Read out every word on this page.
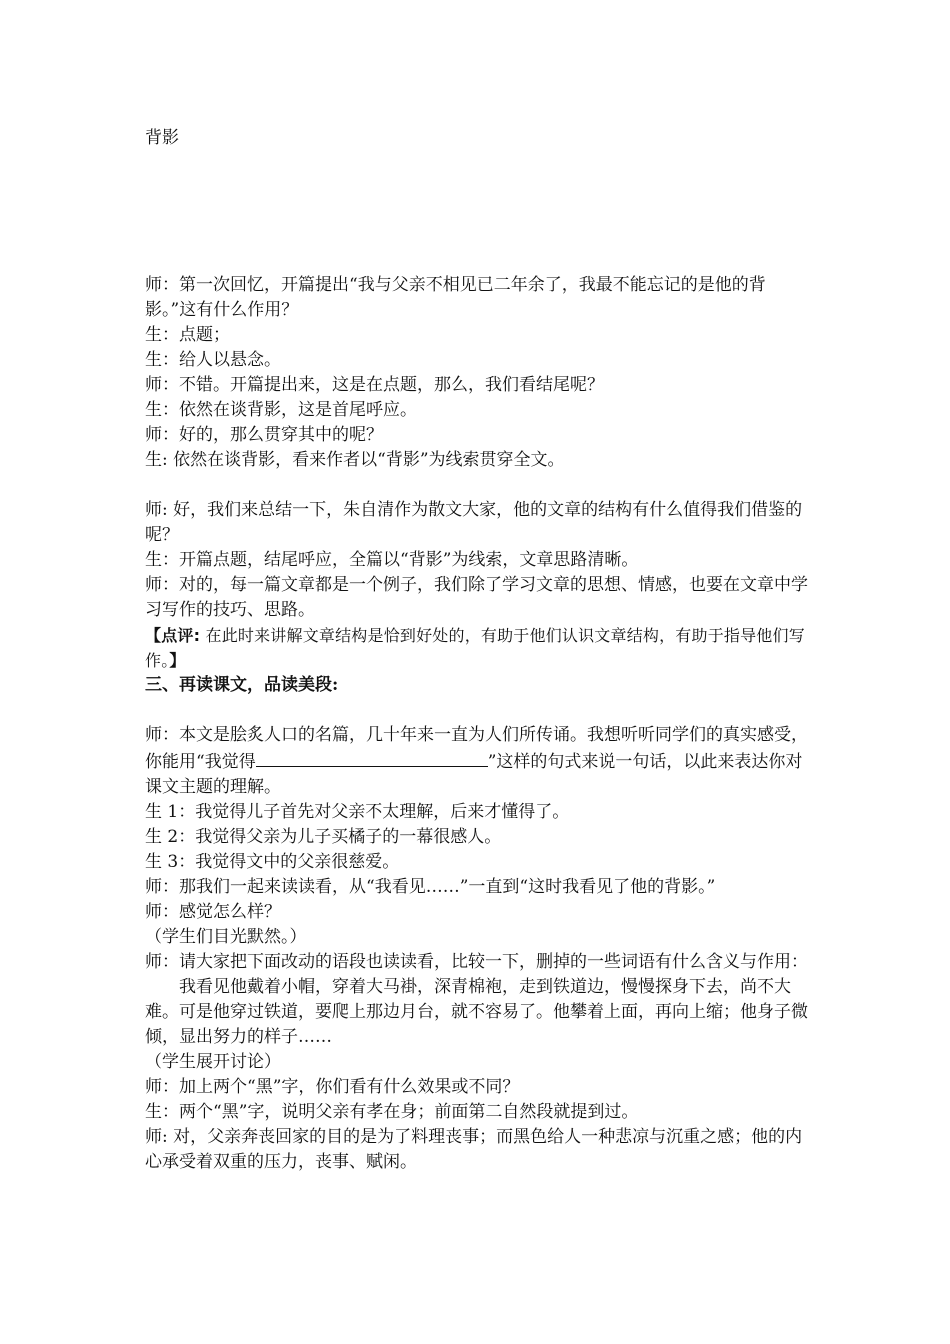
背影

师：第一次回忆，开篇提出“我与父亲不相见已二年余了，我最不能忘记的是他的背影。”这有什么作用？

生：点题；

生：给人以悬念。

师：不错。开篇提出来，这是在点题，那么，我们看结尾呢？

生：依然在谈背影，这是首尾呼应。

师：好的，那么贯穿其中的呢？

生: 依然在谈背影，看来作者以“背影”为线索贯穿全文。

师: 好，我们来总结一下，朱自清作为散文大家，他的文章的结构有什么值得我们借鉴的呢？

生：开篇点题，结尾呼应，全篇以“背影”为线索，文章思路清晰。

师：对的，每一篇文章都是一个例子，我们除了学习文章的思想、情感，也要在文章中学习写作的技巧、思路。

【点评: 在此时来讲解文章结构是恰到好处的，有助于他们认识文章结构，有助于指导他们写作。】

三、再读课文，品读美段:

师：本文是脍炙人口的名篇，几十年来一直为人们所传诵。我想听听同学们的真实感受，你能用“我觉得	”这样的句式来说一句话，以此来表达你对课文主题的理解。

生 1：我觉得儿子首先对父亲不太理解，后来才懂得了。

生 2：我觉得父亲为儿子买橘子的一幕很感人。

生 3：我觉得文中的父亲很慈爱。

师：那我们一起来读读看，从“我看见……”一直到“这时我看见了他的背影。”

师：感觉怎么样？

（学生们目光默然。）

师：请大家把下面改动的语段也读读看，比较一下，删掉的一些词语有什么含义与作用：

我看见他戴着小帽，穿着大马褂，深青棉袍，走到铁道边，慢慢探身下去，尚不大难。可是他穿过铁道，要爬上那边月台，就不容易了。他攀着上面，再向上缩；他身子微倾，显出努力的样子……

（学生展开讨论）

师：加上两个“黑”字，你们看有什么效果或不同？

生：两个“黑”字，说明父亲有孝在身；前面第二自然段就提到过。

师: 对，父亲奔丧回家的目的是为了料理丧事；而黑色给人一种悲凉与沉重之感；他的内心承受着双重的压力，丧事、赋闲。
